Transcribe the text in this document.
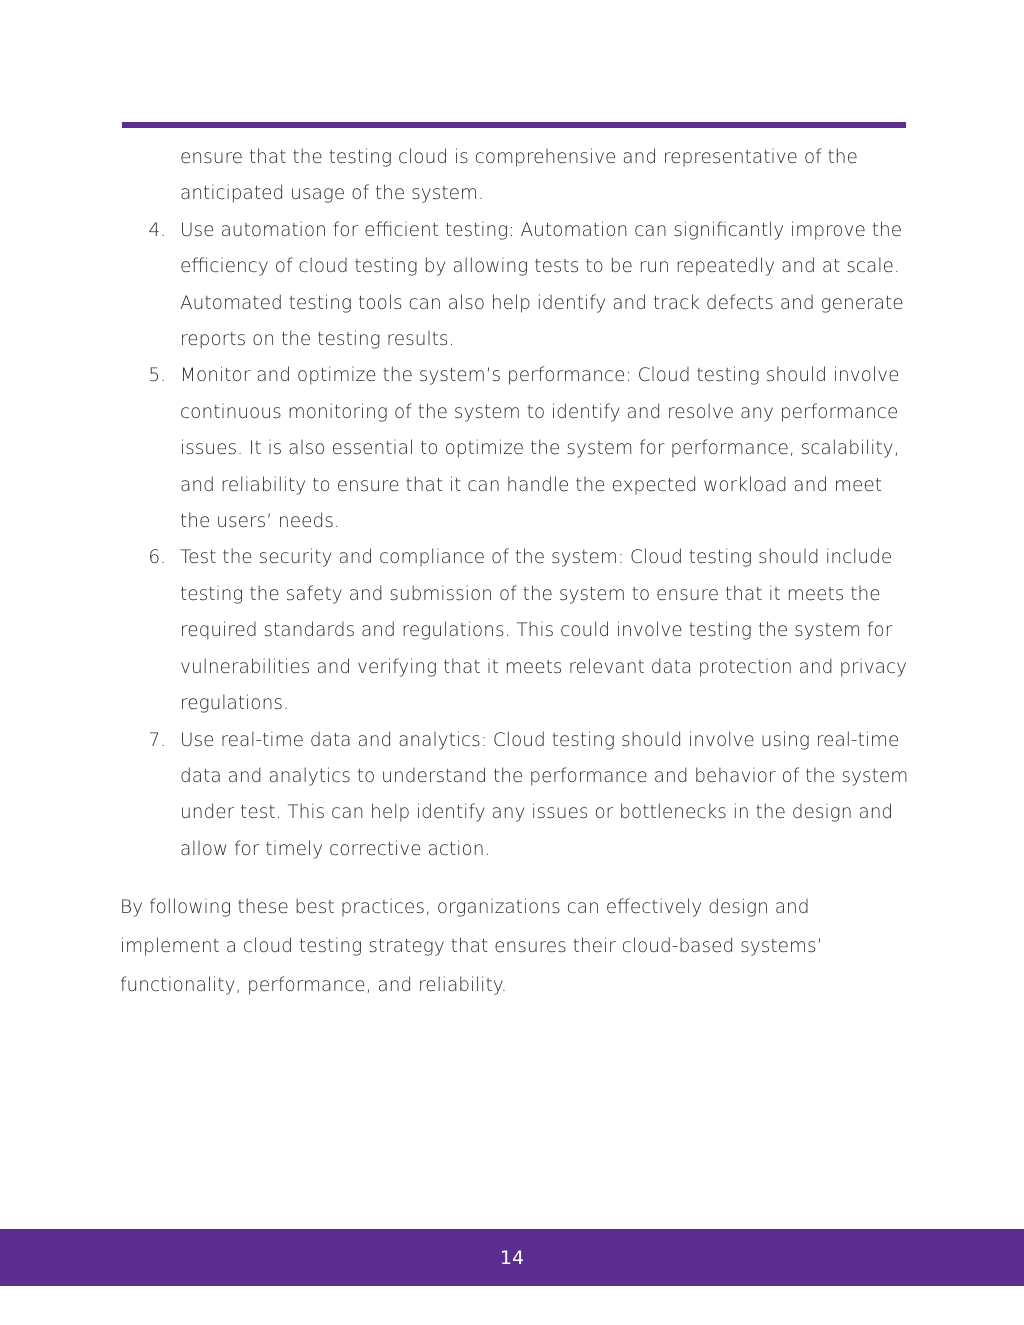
ensure that the testing cloud is comprehensive and representative of the anticipated usage of the system.

4. Use automation for efficient testing: Automation can significantly improve the efficiency of cloud testing by allowing tests to be run repeatedly and at scale. Automated testing tools can also help identify and track defects and generate reports on the testing results.

5. Monitor and optimize the system’s performance: Cloud testing should involve continuous monitoring of the system to identify and resolve any performance issues. It is also essential to optimize the system for performance, scalability, and reliability to ensure that it can handle the expected workload and meet the users’ needs.

6. Test the security and compliance of the system: Cloud testing should include testing the safety and submission of the system to ensure that it meets the required standards and regulations. This could involve testing the system for vulnerabilities and verifying that it meets relevant data protection and privacy regulations.

7. Use real-time data and analytics: Cloud testing should involve using real-time data and analytics to understand the performance and behavior of the system under test. This can help identify any issues or bottlenecks in the design and allow for timely corrective action.

By following these best practices, organizations can effectively design and implement a cloud testing strategy that ensures their cloud-based systems’ functionality, performance, and reliability.

14
